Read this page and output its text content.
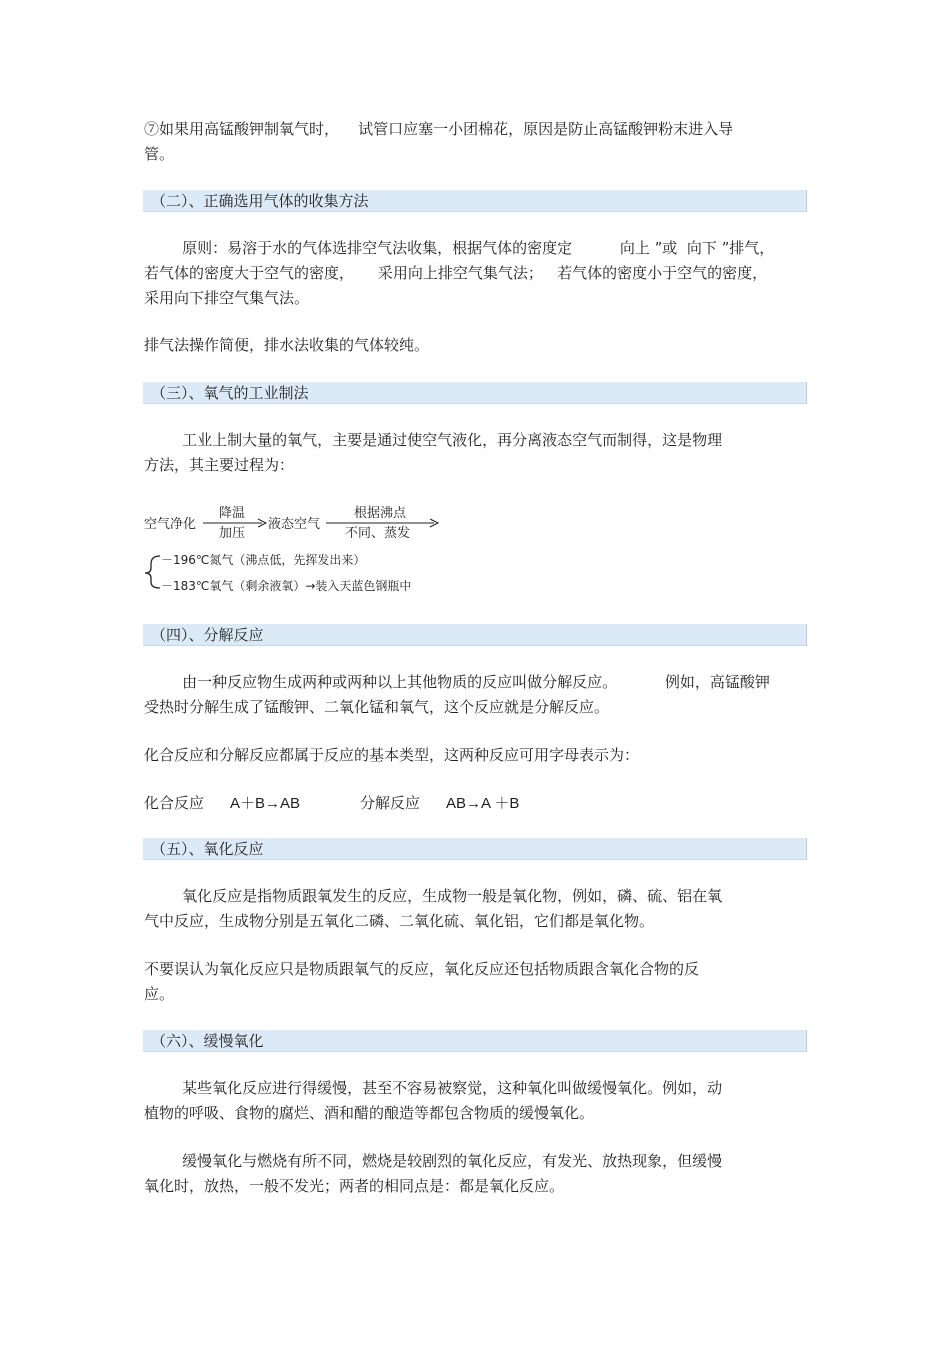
⑦如果用高锰酸钾制氧气时，    试管口应塞一小团棉花，原因是防止高锰酸钾粉末进入导
管。

（二）、正确选用气体的收集方法

原则：易溶于水的气体选排空气法收集，根据气体的密度定          向上 ”或  向下 ”排气，
若气体的密度大于空气的密度，     采用向上排空气集气法；   若气体的密度小于空气的密度，
采用向下排空气集气法。

排气法操作简便，排水法收集的气体较纯。

（三）、氧气的工业制法

工业上制大量的氧气，主要是通过使空气液化，再分离液态空气而制得，这是物理
方法，其主要过程为：

空气净化
降温
加压
液态空气
根据沸点
不同、蒸发
－196℃氮气（沸点低，先挥发出来）
－183℃氧气（剩余液氧）→装入天蓝色钢瓶中
（四）、分解反应

由一种反应物生成两种或两种以上其他物质的反应叫做分解反应。          例如，高锰酸钾
受热时分解生成了锰酸钾、二氧化锰和氧气，这个反应就是分解反应。

化合反应和分解反应都属于反应的基本类型，这两种反应可用字母表示为：

化合反应 A＋B→AB	分解反应 AB→A ＋B
（五）、氧化反应

氧化反应是指物质跟氧发生的反应，生成物一般是氧化物，例如，磷、硫、铝在氧
气中反应，生成物分别是五氧化二磷、二氧化硫、氧化铝，它们都是氧化物。

不要误认为氧化反应只是物质跟氧气的反应，氧化反应还包括物质跟含氧化合物的反
应。

（六）、缓慢氧化

某些氧化反应进行得缓慢，甚至不容易被察觉，这种氧化叫做缓慢氧化。例如，动
植物的呼吸、食物的腐烂、酒和醋的酿造等都包含物质的缓慢氧化。

缓慢氧化与燃烧有所不同，燃烧是较剧烈的氧化反应，有发光、放热现象，但缓慢
氧化时，放热，一般不发光；两者的相同点是：都是氧化反应。
